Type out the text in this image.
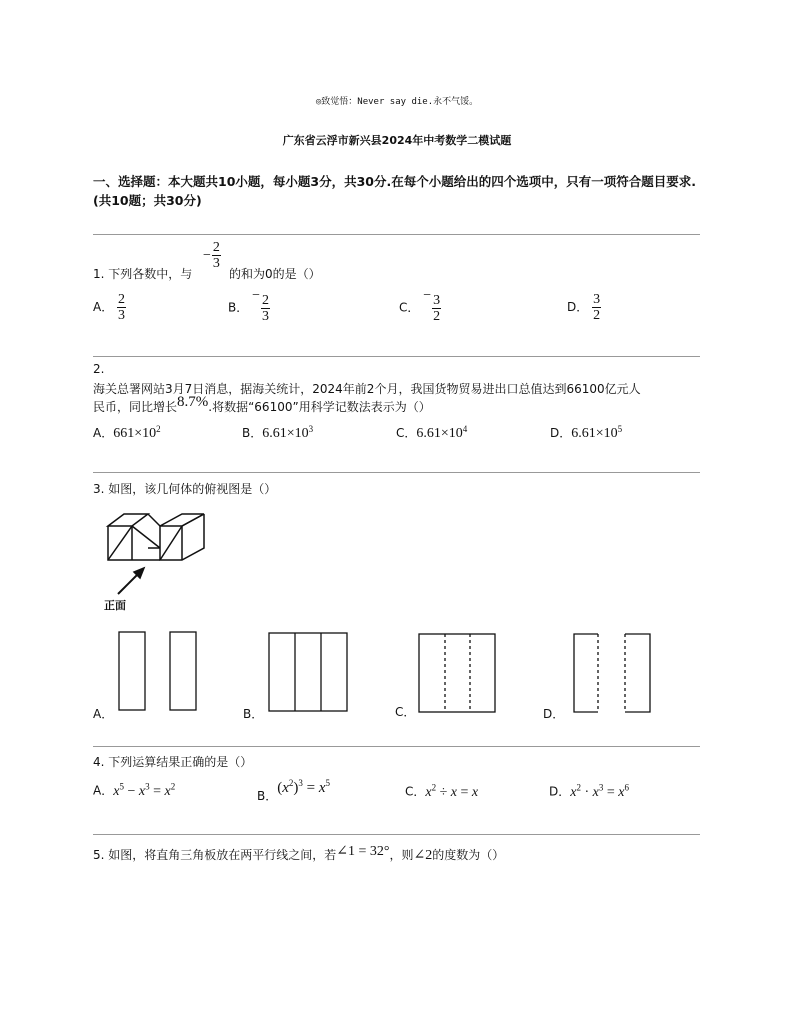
◎致觉悟：Never say die.永不气馁。
广东省云浮市新兴县2024年中考数学二模试题
一、选择题：本大题共10小题，每小题3分，共30分.在每个小题给出的四个选项中，只有一项符合题目要求.(共10题；共30分)
− $\frac{2}{3}$
1. 下列各数中，与	的和为0的是（）
A． $\frac{2}{3}$	B． − $\frac{2}{3}$	C． − $\frac{3}{2}$	D． $\frac{3}{2}$
2.
海关总署网站3月7日消息，据海关统计，2024年前2个月，我国货物贸易进出口总值达到66100亿元人
民币，同比增长8.7%.将数据“66100”用科学记数法表示为（）
A．$661\times 10^2$	B．$6.61\times 10^3$	C．$6.61\times 10^4$	D．$6.61\times 10^5$
3. 如图，该几何体的俯视图是（）
正面
A．	B．	C．	D．
4. 下列运算结果正确的是（）
A．$x^5 - x^3 = x^2$
B．$(x^2)^3 = x^5$
C．$x^2 \div x = x$	D．$x^2 \cdot x^3 = x^6$
5. 如图，将直角三角板放在两平行线之间，若∠1 = 32°，则∠2的度数为（）
